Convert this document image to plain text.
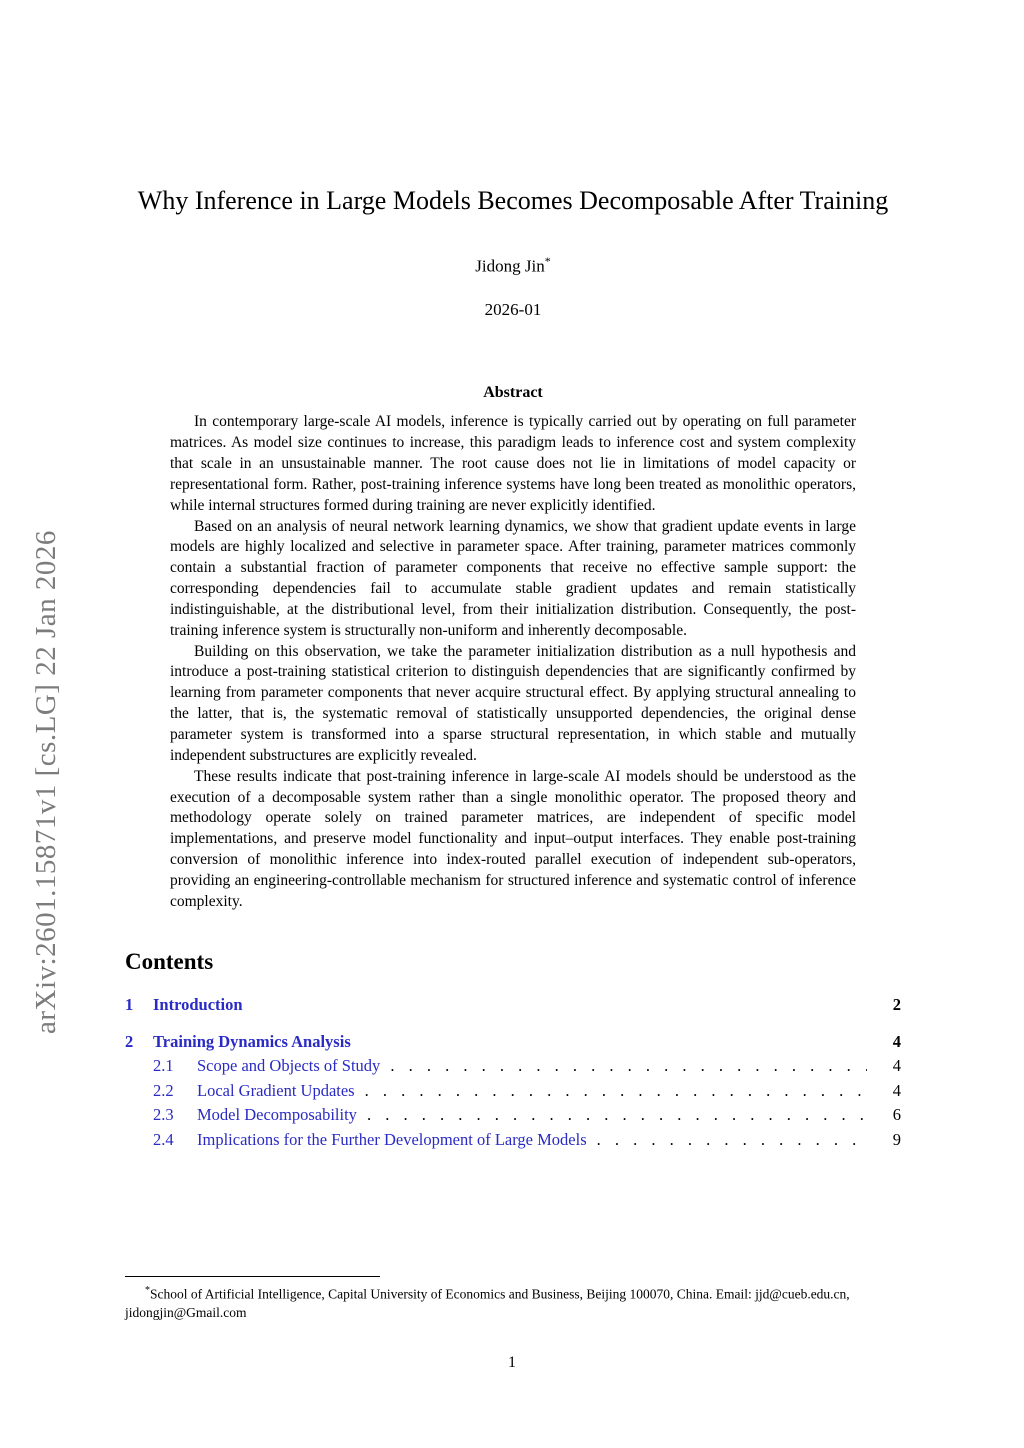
arXiv:2601.15871v1 [cs.LG] 22 Jan 2026
Why Inference in Large Models Becomes Decomposable After Training
Jidong Jin*
2026-01
Abstract

In contemporary large-scale AI models, inference is typically carried out by operating on full parameter matrices. As model size continues to increase, this paradigm leads to inference cost and system complexity that scale in an unsustainable manner. The root cause does not lie in limitations of model capacity or representational form. Rather, post-training inference systems have long been treated as monolithic operators, while internal structures formed during training are never explicitly identified.

Based on an analysis of neural network learning dynamics, we show that gradient update events in large models are highly localized and selective in parameter space. After training, parameter matrices commonly contain a substantial fraction of parameter components that receive no effective sample support: the corresponding dependencies fail to accumulate stable gradient updates and remain statistically indistinguishable, at the distributional level, from their initialization distribution. Consequently, the post-training inference system is structurally non-uniform and inherently decomposable.

Building on this observation, we take the parameter initialization distribution as a null hypothesis and introduce a post-training statistical criterion to distinguish dependencies that are significantly confirmed by learning from parameter components that never acquire structural effect. By applying structural annealing to the latter, that is, the systematic removal of statistically unsupported dependencies, the original dense parameter system is transformed into a sparse structural representation, in which stable and mutually independent substructures are explicitly revealed.

These results indicate that post-training inference in large-scale AI models should be understood as the execution of a decomposable system rather than a single monolithic operator. The proposed theory and methodology operate solely on trained parameter matrices, are independent of specific model implementations, and preserve model functionality and input–output interfaces. They enable post-training conversion of monolithic inference into index-routed parallel execution of independent sub-operators, providing an engineering-controllable mechanism for structured inference and systematic control of inference complexity.

Contents
1	Introduction	2
2	Training Dynamics Analysis	4
2.1	Scope and Objects of Study . . .	4
2.2	Local Gradient Updates . . .	4
2.3	Model Decomposability . . .	6
2.4	Implications for the Further Development of Large Models . . .	9
*School of Artificial Intelligence, Capital University of Economics and Business, Beijing 100070, China. Email: jjd@cueb.edu.cn, jidongjin@Gmail.com
1
